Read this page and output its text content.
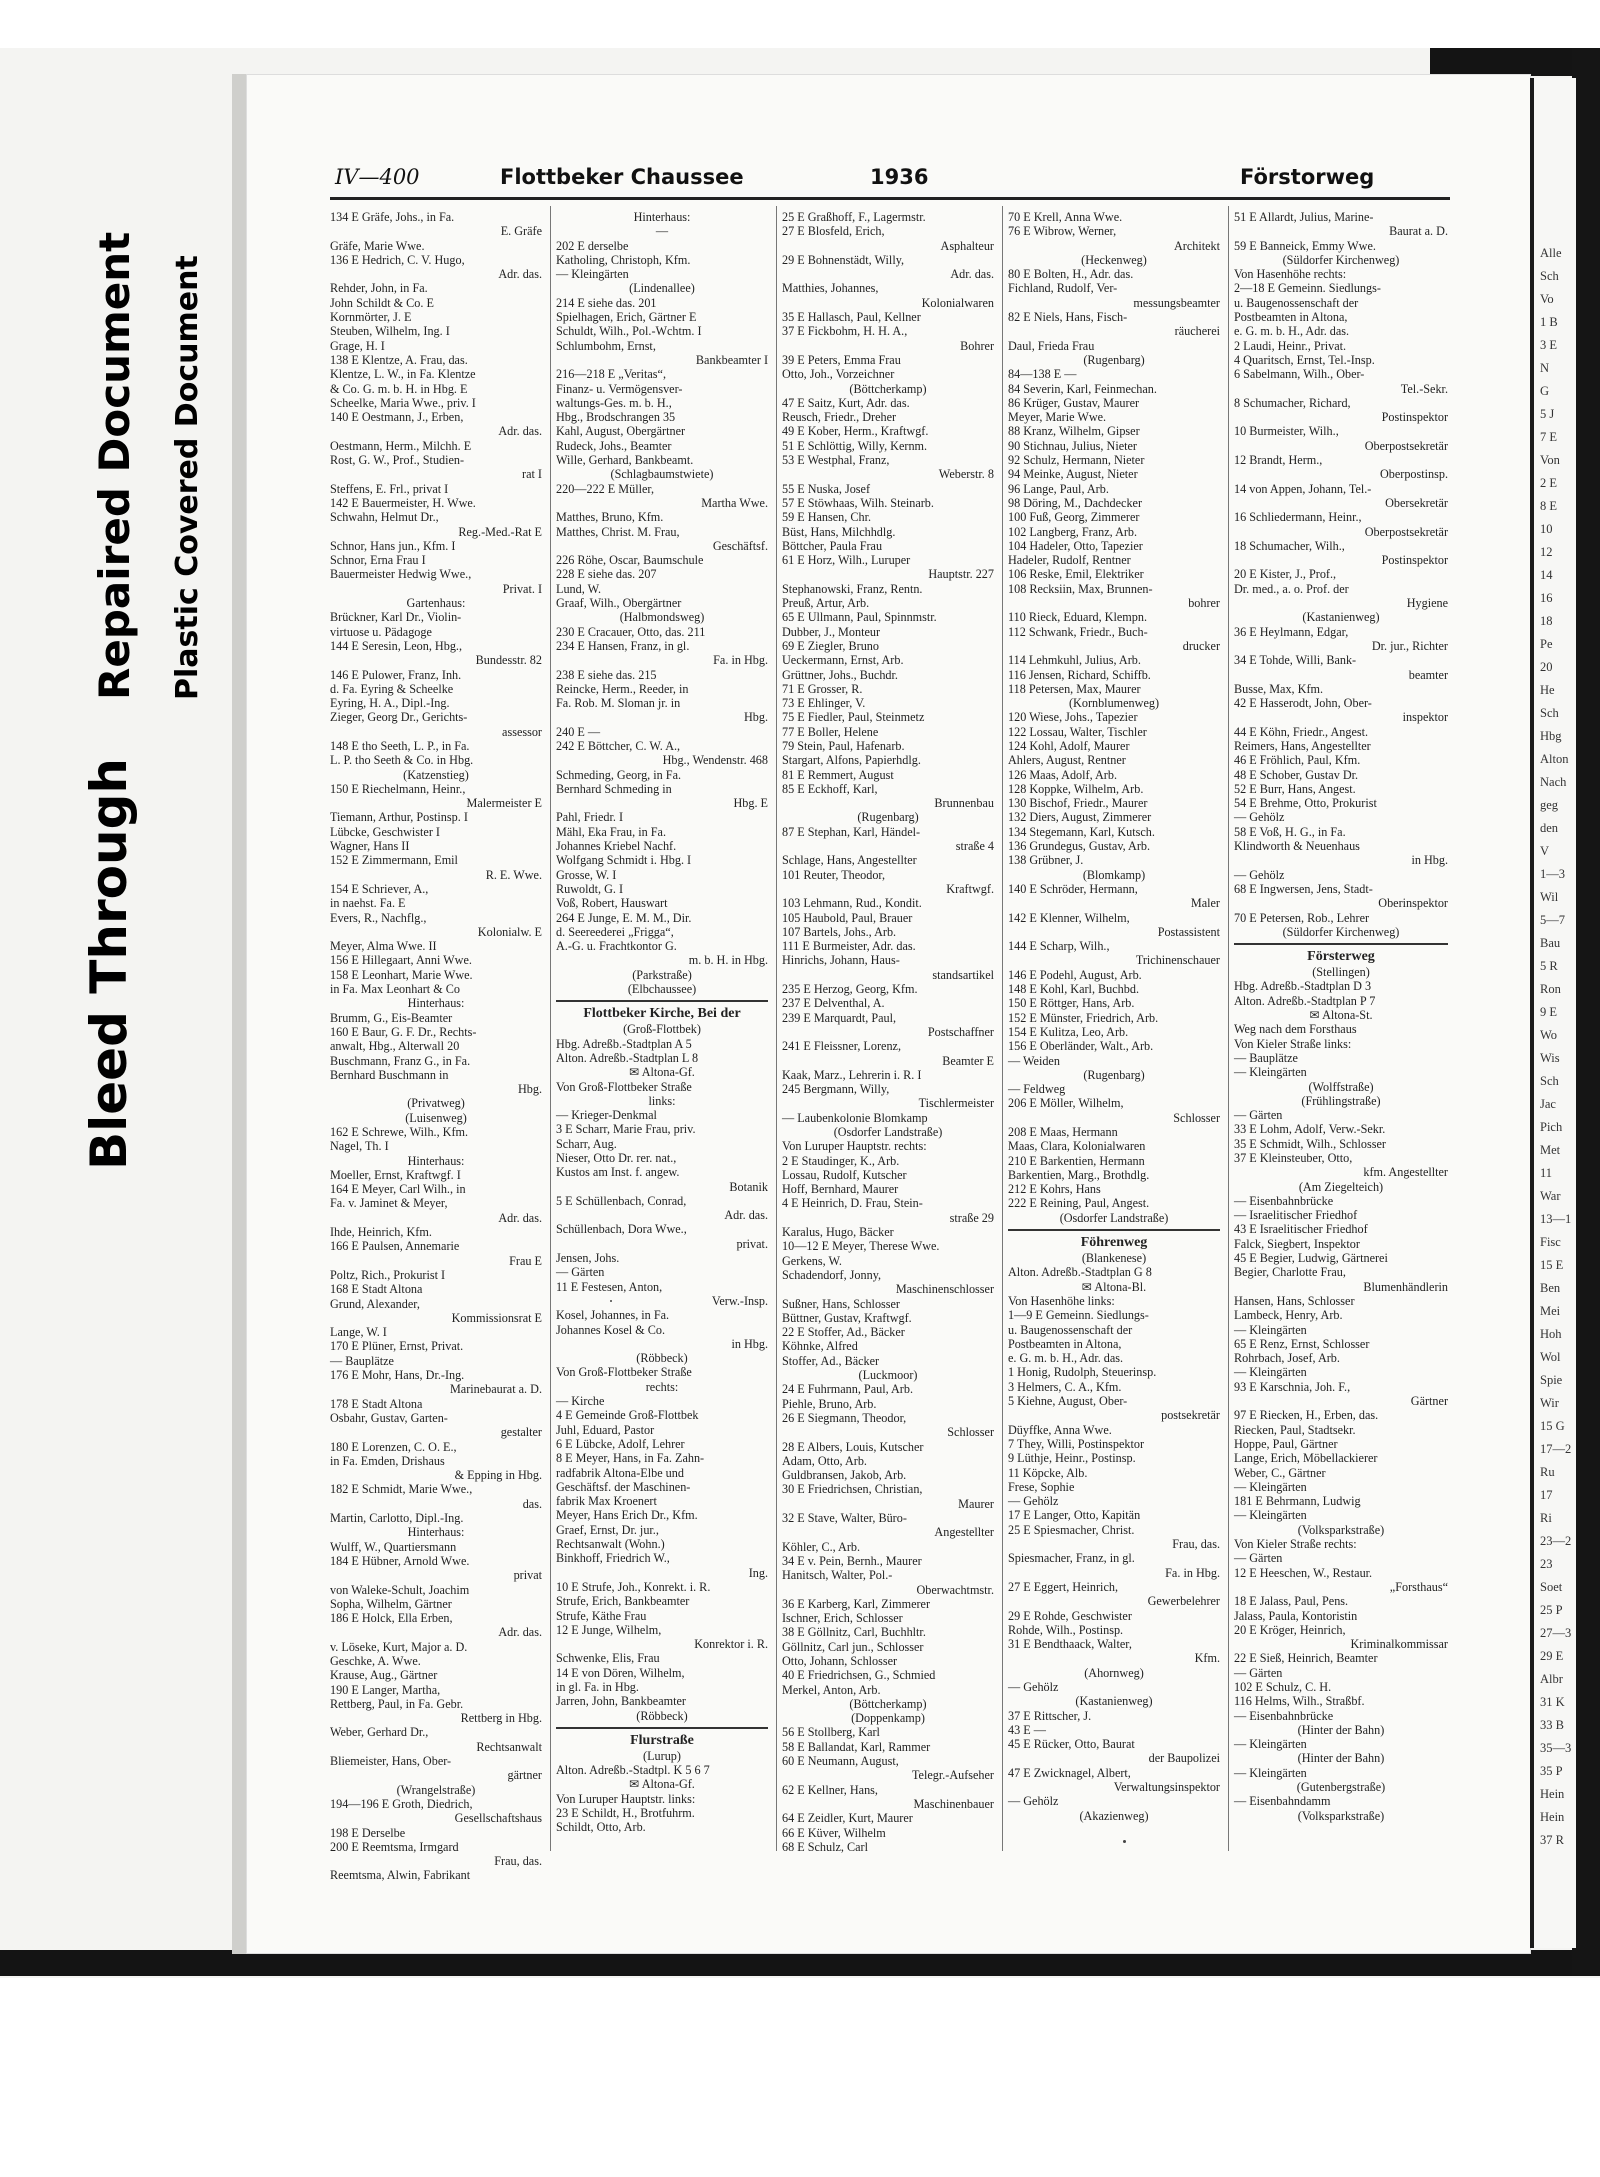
Bleed Through
Repaired Document Plastic Covered Document
Alle
Sch
Vo
1 B
3 E
N
G
5 J
7 E
Von
2 E
8 E
10
12
14
16
18
Pe
20
He
Sch
Hbg
Alton
Nach
geg
den
V
1—3
Wil
5—7
Bau
5 R
Ron
9 E
Wo
Wis
Sch
Jac
Pich
Met
11
War
13—1
Fisc
15 E
Ben
Mei
Hoh
Wol
Spie
Wir
15 G
17—2
Ru
17
Ri
23—2
23
Soet
25 P
27—3
29 E
Albr
31 K
33 B
35—3
35 P
Hein
Hein
37 R
IV—400	Flottbeker Chaussee	1936	Förstorweg
134 E Gräfe, Johs., in Fa.
E. Gräfe
Gräfe, Marie Wwe.
136 E Hedrich, C. V. Hugo,
Adr. das.
Rehder, John, in Fa.
John Schildt & Co. E
Kornmörter, J. E
Steuben, Wilhelm, Ing. I
Grage, H. I
138 E Klentze, A. Frau, das.
Klentze, L. W., in Fa. Klentze
& Co. G. m. b. H. in Hbg. E
Scheelke, Maria Wwe., priv. I
140 E Oestmann, J., Erben,
Adr. das.
Oestmann, Herm., Milchh. E
Rost, G. W., Prof., Studien-
rat I
Steffens, E. Frl., privat I
142 E Bauermeister, H. Wwe.
Schwahn, Helmut Dr.,
Reg.-Med.-Rat E
Schnor, Hans jun., Kfm. I
Schnor, Erna Frau I
Bauermeister Hedwig Wwe.,
Privat. I
Gartenhaus:
Brückner, Karl Dr., Violin-
virtuose u. Pädagoge
144 E Seresin, Leon, Hbg.,
Bundesstr. 82
146 E Pulower, Franz, Inh.
d. Fa. Eyring & Scheelke
Eyring, H. A., Dipl.-Ing.
Zieger, Georg Dr., Gerichts-
assessor
148 E tho Seeth, L. P., in Fa.
L. P. tho Seeth & Co. in Hbg.
(Katzenstieg)
150 E Riechelmann, Heinr.,
Malermeister E
Tiemann, Arthur, Postinsp. I
Lübcke, Geschwister I
Wagner, Hans II
152 E Zimmermann, Emil
R. E. Wwe.
154 E Schriever, A.,
in naehst. Fa. E
Evers, R., Nachflg.,
Kolonialw. E
Meyer, Alma Wwe. II
156 E Hillegaart, Anni Wwe.
158 E Leonhart, Marie Wwe.
in Fa. Max Leonhart & Co
Hinterhaus:
Brumm, G., Eis-Beamter
160 E Baur, G. F. Dr., Rechts-
anwalt, Hbg., Alterwall 20
Buschmann, Franz G., in Fa.
Bernhard Buschmann in
Hbg.
(Privatweg)
(Luisenweg)
162 E Schrewe, Wilh., Kfm.
Nagel, Th. I
Hinterhaus:
Moeller, Ernst, Kraftwgf. I
164 E Meyer, Carl Wilh., in
Fa. v. Jaminet & Meyer,
Adr. das.
Ihde, Heinrich, Kfm.
166 E Paulsen, Annemarie
Frau E
Poltz, Rich., Prokurist I
168 E Stadt Altona
Grund, Alexander,
Kommissionsrat E
Lange, W. I
170 E Plüner, Ernst, Privat.
— Bauplätze
176 E Mohr, Hans, Dr.-Ing.
Marinebaurat a. D.
178 E Stadt Altona
Osbahr, Gustav, Garten-
gestalter
180 E Lorenzen, C. O. E.,
in Fa. Emden, Drishaus
& Epping in Hbg.
182 E Schmidt, Marie Wwe.,
das.
Martin, Carlotto, Dipl.-Ing.
Hinterhaus:
Wulff, W., Quartiersmann
184 E Hübner, Arnold Wwe.
privat
von Waleke-Schult, Joachim
Sopha, Wilhelm, Gärtner
186 E Holck, Ella Erben,
Adr. das.
v. Löseke, Kurt, Major a. D.
Geschke, A. Wwe.
Krause, Aug., Gärtner
190 E Langer, Martha,
Rettberg, Paul, in Fa. Gebr.
Rettberg in Hbg.
Weber, Gerhard Dr.,
Rechtsanwalt
Bliemeister, Hans, Ober-
gärtner
(Wrangelstraße)
194—196 E Groth, Diedrich,
Gesellschaftshaus
198 E Derselbe
200 E Reemtsma, Irmgard
Frau, das.
Reemtsma, Alwin, Fabrikant
Hinterhaus:
—
202 E derselbe
Katholing, Christoph, Kfm.
— Kleingärten
(Lindenallee)
214 E siehe das. 201
Spielhagen, Erich, Gärtner E
Schuldt, Wilh., Pol.-Wchtm. I
Schlumbohm, Ernst,
Bankbeamter I
216—218 E „Veritas“,
Finanz- u. Vermögensver-
waltungs-Ges. m. b. H.,
Hbg., Brodschrangen 35
Kahl, August, Obergärtner
Rudeck, Johs., Beamter
Wille, Gerhard, Bankbeamt.
(Schlagbaumstwiete)
220—222 E Müller,
Martha Wwe.
Matthes, Bruno, Kfm.
Matthes, Christ. M. Frau,
Geschäftsf.
226 Röhe, Oscar, Baumschule
228 E siehe das. 207
Lund, W.
Graaf, Wilh., Obergärtner
(Halbmondsweg)
230 E Cracauer, Otto, das. 211
234 E Hansen, Franz, in gl.
Fa. in Hbg.
238 E siehe das. 215
Reincke, Herm., Reeder, in
Fa. Rob. M. Sloman jr. in
Hbg.
240 E —
242 E Böttcher, C. W. A.,
Hbg., Wendenstr. 468
Schmeding, Georg, in Fa.
Bernhard Schmeding in
Hbg. E
Pahl, Friedr. I
Mähl, Eka Frau, in Fa.
Johannes Kriebel Nachf.
Wolfgang Schmidt i. Hbg. I
Grosse, W. I
Ruwoldt, G. I
Voß, Robert, Hauswart
264 E Junge, E. M. M., Dir.
d. Seereederei „Frigga“,
A.-G. u. Frachtkontor G.
m. b. H. in Hbg.
(Parkstraße)
(Elbchaussee)
Flottbeker Kirche, Bei der
(Groß-Flottbek)
Hbg. Adreßb.-Stadtplan A 5
Alton. Adreßb.-Stadtplan L 8
✉ Altona-Gf.
Von Groß-Flottbeker Straße
links:
— Krieger-Denkmal
3 E Scharr, Marie Frau, priv.
Scharr, Aug.
Nieser, Otto Dr. rer. nat.,
Kustos am Inst. f. angew.
Botanik
5 E Schüllenbach, Conrad,
Adr. das.
Schüllenbach, Dora Wwe.,
privat.
Jensen, Johs.
— Gärten
11 E Festesen, Anton,
Verw.-Insp.
Kosel, Johannes, in Fa.
Johannes Kosel & Co.
in Hbg.
(Röbbeck)
Von Groß-Flottbeker Straße
rechts:
— Kirche
4 E Gemeinde Groß-Flottbek
Juhl, Eduard, Pastor
6 E Lübcke, Adolf, Lehrer
8 E Meyer, Hans, in Fa. Zahn-
radfabrik Altona-Elbe und
Geschäftsf. der Maschinen-
fabrik Max Kroenert
Meyer, Hans Erich Dr., Kfm.
Graef, Ernst, Dr. jur.,
Rechtsanwalt (Wohn.)
Binkhoff, Friedrich W.,
Ing.
10 E Strufe, Joh., Konrekt. i. R.
Strufe, Erich, Bankbeamter
Strufe, Käthe Frau
12 E Junge, Wilhelm,
Konrektor i. R.
Schwenke, Elis, Frau
14 E von Dören, Wilhelm,
in gl. Fa. in Hbg.
Jarren, John, Bankbeamter
(Röbbeck)
Flurstraße
(Lurup)
Alton. Adreßb.-Stadtpl. K 5 6 7
✉ Altona-Gf.
Von Luruper Hauptstr. links:
23 E Schildt, H., Brotfuhrm.
Schildt, Otto, Arb.
25 E Graßhoff, F., Lagermstr.
27 E Blosfeld, Erich,
Asphalteur
29 E Bohnenstädt, Willy,
Adr. das.
Matthies, Johannes,
Kolonialwaren
35 E Hallasch, Paul, Kellner
37 E Fickbohm, H. H. A.,
Bohrer
39 E Peters, Emma Frau
Otto, Joh., Vorzeichner
(Böttcherkamp)
47 E Saitz, Kurt, Adr. das.
Reusch, Friedr., Dreher
49 E Kober, Herm., Kraftwgf.
51 E Schlöttig, Willy, Kernm.
53 E Westphal, Franz,
Weberstr. 8
55 E Nuska, Josef
57 E Stöwhaas, Wilh. Steinarb.
59 E Hansen, Chr.
Büst, Hans, Milchhdlg.
Böttcher, Paula Frau
61 E Horz, Wilh., Luruper
Hauptstr. 227
Stephanowski, Franz, Rentn.
Preuß, Artur, Arb.
65 E Ullmann, Paul, Spinnmstr.
Dubber, J., Monteur
69 E Ziegler, Bruno
Ueckermann, Ernst, Arb.
Grüttner, Johs., Buchdr.
71 E Grosser, R.
73 E Ehlinger, V.
75 E Fiedler, Paul, Steinmetz
77 E Boller, Helene
79 Stein, Paul, Hafenarb.
Stargart, Alfons, Papierhdlg.
81 E Remmert, August
85 E Eckhoff, Karl,
Brunnenbau
(Rugenbarg)
87 E Stephan, Karl, Händel-
straße 4
Schlage, Hans, Angestellter
101 Reuter, Theodor,
Kraftwgf.
103 Lehmann, Rud., Kondit.
105 Haubold, Paul, Brauer
107 Bartels, Johs., Arb.
111 E Burmeister, Adr. das.
Hinrichs, Johann, Haus-
standsartikel
235 E Herzog, Georg, Kfm.
237 E Delventhal, A.
239 E Marquardt, Paul,
Postschaffner
241 E Fleissner, Lorenz,
Beamter E
Kaak, Marz., Lehrerin i. R. I
245 Bergmann, Willy,
Tischlermeister
— Laubenkolonie Blomkamp
(Osdorfer Landstraße)
Von Luruper Hauptstr. rechts:
2 E Staudinger, K., Arb.
Lossau, Rudolf, Kutscher
Hoff, Bernhard, Maurer
4 E Heinrich, D. Frau, Stein-
straße 29
Karalus, Hugo, Bäcker
10—12 E Meyer, Therese Wwe.
Gerkens, W.
Schadendorf, Jonny,
Maschinenschlosser
Sußner, Hans, Schlosser
Büttner, Gustav, Kraftwgf.
22 E Stoffer, Ad., Bäcker
Köhnke, Alfred
Stoffer, Ad., Bäcker
(Luckmoor)
24 E Fuhrmann, Paul, Arb.
Piehle, Bruno, Arb.
26 E Siegmann, Theodor,
Schlosser
28 E Albers, Louis, Kutscher
Adam, Otto, Arb.
Guldbransen, Jakob, Arb.
30 E Friedrichsen, Christian,
Maurer
32 E Stave, Walter, Büro-
Angestellter
Köhler, C., Arb.
34 E v. Pein, Bernh., Maurer
Hanitsch, Walter, Pol.-
Oberwachtmstr.
36 E Karberg, Karl, Zimmerer
Ischner, Erich, Schlosser
38 E Göllnitz, Carl, Buchhltr.
Göllnitz, Carl jun., Schlosser
Otto, Johann, Schlosser
40 E Friedrichsen, G., Schmied
Merkel, Anton, Arb.
(Böttcherkamp)
(Doppenkamp)
56 E Stollberg, Karl
58 E Ballandat, Karl, Rammer
60 E Neumann, August,
Telegr.-Aufseher
62 E Kellner, Hans,
Maschinenbauer
64 E Zeidler, Kurt, Maurer
66 E Küver, Wilhelm
68 E Schulz, Carl
70 E Krell, Anna Wwe.
76 E Wibrow, Werner,
Architekt
(Heckenweg)
80 E Bolten, H., Adr. das.
Fichland, Rudolf, Ver-
messungsbeamter
82 E Niels, Hans, Fisch-
räucherei
Daul, Frieda Frau
(Rugenbarg)
84—138 E —
84 Severin, Karl, Feinmechan.
86 Krüger, Gustav, Maurer
Meyer, Marie Wwe.
88 Kranz, Wilhelm, Gipser
90 Stichnau, Julius, Nieter
92 Schulz, Hermann, Nieter
94 Meinke, August, Nieter
96 Lange, Paul, Arb.
98 Döring, M., Dachdecker
100 Fuß, Georg, Zimmerer
102 Langberg, Franz, Arb.
104 Hadeler, Otto, Tapezier
Hadeler, Rudolf, Rentner
106 Reske, Emil, Elektriker
108 Recksiin, Max, Brunnen-
bohrer
110 Rieck, Eduard, Klempn.
112 Schwank, Friedr., Buch-
drucker
114 Lehmkuhl, Julius, Arb.
116 Jensen, Richard, Schiffb.
118 Petersen, Max, Maurer
(Kornblumenweg)
120 Wiese, Johs., Tapezier
122 Lossau, Walter, Tischler
124 Kohl, Adolf, Maurer
Ahlers, August, Rentner
126 Maas, Adolf, Arb.
128 Koppke, Wilhelm, Arb.
130 Bischof, Friedr., Maurer
132 Diers, August, Zimmerer
134 Stegemann, Karl, Kutsch.
136 Grundegus, Gustav, Arb.
138 Grübner, J.
(Blomkamp)
140 E Schröder, Hermann,
Maler
142 E Klenner, Wilhelm,
Postassistent
144 E Scharp, Wilh.,
Trichinenschauer
146 E Podehl, August, Arb.
148 E Kohl, Karl, Buchbd.
150 E Röttger, Hans, Arb.
152 E Münster, Friedrich, Arb.
154 E Kulitza, Leo, Arb.
156 E Oberländer, Walt., Arb.
— Weiden
(Rugenbarg)
— Feldweg
206 E Möller, Wilhelm,
Schlosser
208 E Maas, Hermann
Maas, Clara, Kolonialwaren
210 E Barkentien, Hermann
Barkentien, Marg., Brothdlg.
212 E Kohrs, Hans
222 E Reining, Paul, Angest.
(Osdorfer Landstraße)
Föhrenweg
(Blankenese)
Alton. Adreßb.-Stadtplan G 8
✉ Altona-Bl.
Von Hasenhöhe links:
1—9 E Gemeinn. Siedlungs-
u. Baugenossenschaft der
Postbeamten in Altona,
e. G. m. b. H., Adr. das.
1 Honig, Rudolph, Steuerinsp.
3 Helmers, C. A., Kfm.
5 Kiehne, August, Ober-
postsekretär
Düyffke, Anna Wwe.
7 They, Willi, Postinspektor
9 Lüthje, Heinr., Postinsp.
11 Köpcke, Alb.
Frese, Sophie
— Gehölz
17 E Langer, Otto, Kapitän
25 E Spiesmacher, Christ.
Frau, das.
Spiesmacher, Franz, in gl.
Fa. in Hbg.
27 E Eggert, Heinrich,
Gewerbelehrer
29 E Rohde, Geschwister
Rohde, Wilh., Postinsp.
31 E Bendthaack, Walter,
Kfm.
(Ahornweg)
— Gehölz
(Kastanienweg)
37 E Rittscher, J.
43 E —
45 E Rücker, Otto, Baurat
der Baupolizei
47 E Zwicknagel, Albert,
Verwaltungsinspektor
— Gehölz
(Akazienweg)
51 E Allardt, Julius, Marine-
Baurat a. D.
59 E Banneick, Emmy Wwe.
(Süldorfer Kirchenweg)
Von Hasenhöhe rechts:
2—18 E Gemeinn. Siedlungs-
u. Baugenossenschaft der
Postbeamten in Altona,
e. G. m. b. H., Adr. das.
2 Laudi, Heinr., Privat.
4 Quaritsch, Ernst, Tel.-Insp.
6 Sabelmann, Wilh., Ober-
Tel.-Sekr.
8 Schumacher, Richard,
Postinspektor
10 Burmeister, Wilh.,
Oberpostsekretär
12 Brandt, Herm.,
Oberpostinsp.
14 von Appen, Johann, Tel.-
Obersekretär
16 Schliedermann, Heinr.,
Oberpostsekretär
18 Schumacher, Wilh.,
Postinspektor
20 E Kister, J., Prof.,
Dr. med., a. o. Prof. der
Hygiene
(Kastanienweg)
36 E Heylmann, Edgar,
Dr. jur., Richter
34 E Tohde, Willi, Bank-
beamter
Busse, Max, Kfm.
42 E Hasserodt, John, Ober-
inspektor
44 E Köhn, Friedr., Angest.
Reimers, Hans, Angestellter
46 E Fröhlich, Paul, Kfm.
48 E Schober, Gustav Dr.
52 E Burr, Hans, Angest.
54 E Brehme, Otto, Prokurist
— Gehölz
58 E Voß, H. G., in Fa.
Klindworth & Neuenhaus
in Hbg.
— Gehölz
68 E Ingwersen, Jens, Stadt-
Oberinspektor
70 E Petersen, Rob., Lehrer
(Süldorfer Kirchenweg)
Försterweg
(Stellingen)
Hbg. Adreßb.-Stadtplan D 3
Alton. Adreßb.-Stadtplan P 7
✉ Altona-St.
Weg nach dem Forsthaus
Von Kieler Straße links:
— Bauplätze
— Kleingärten
(Wolffstraße)
(Frühlingstraße)
— Gärten
33 E Lohm, Adolf, Verw.-Sekr.
35 E Schmidt, Wilh., Schlosser
37 E Kleinsteuber, Otto,
kfm. Angestellter
(Am Ziegelteich)
— Eisenbahnbrücke
— Israelitischer Friedhof
43 E Israelitischer Friedhof
Falck, Siegbert, Inspektor
45 E Begier, Ludwig, Gärtnerei
Begier, Charlotte Frau,
Blumenhändlerin
Hansen, Hans, Schlosser
Lambeck, Henry, Arb.
— Kleingärten
65 E Renz, Ernst, Schlosser
Rohrbach, Josef, Arb.
— Kleingärten
93 E Karschnia, Joh. F.,
Gärtner
97 E Riecken, H., Erben, das.
Riecken, Paul, Stadtsekr.
Hoppe, Paul, Gärtner
Lange, Erich, Möbellackierer
Weber, C., Gärtner
— Kleingärten
181 E Behrmann, Ludwig
— Kleingärten
(Volksparkstraße)
Von Kieler Straße rechts:
— Gärten
12 E Heeschen, W., Restaur.
„Forsthaus“
18 E Jalass, Paul, Pens.
Jalass, Paula, Kontoristin
20 E Kröger, Heinrich,
Kriminalkommissar
22 E Sieß, Heinrich, Beamter
— Gärten
102 E Schulz, C. H.
116 Helms, Wilh., Straßbf.
— Eisenbahnbrücke
(Hinter der Bahn)
— Kleingärten
(Hinter der Bahn)
— Kleingärten
(Gutenbergstraße)
— Eisenbahndamm
(Volksparkstraße)
